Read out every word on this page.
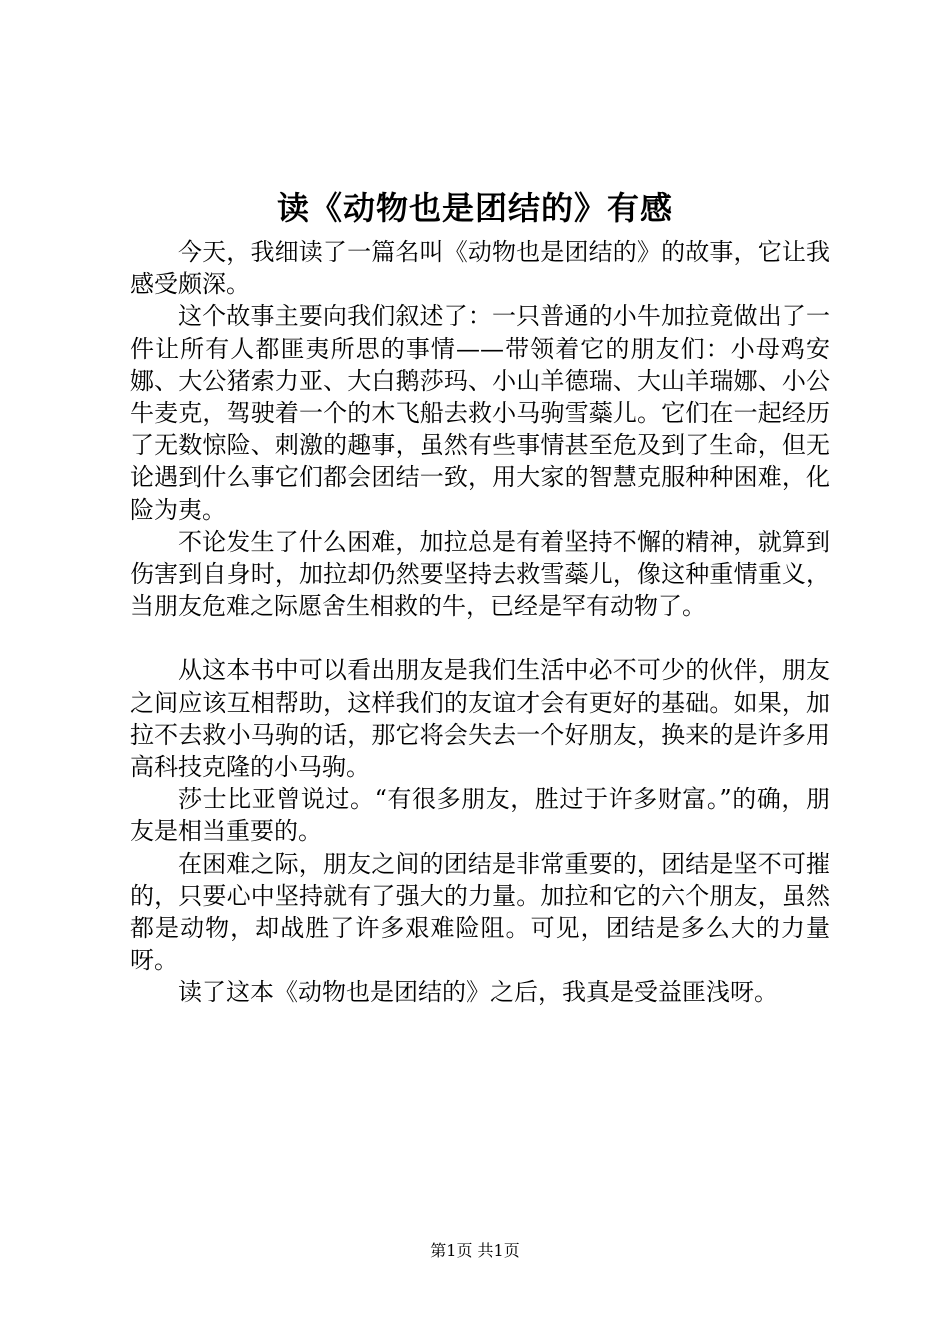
读《动物也是团结的》有感

今天，我细读了一篇名叫《动物也是团结的》的故事，它让我感受颇深。

这个故事主要向我们叙述了：一只普通的小牛加拉竟做出了一件让所有人都匪夷所思的事情——带领着它的朋友们：小母鸡安娜、大公猪索力亚、大白鹅莎玛、小山羊德瑞、大山羊瑞娜、小公牛麦克，驾驶着一个的木飞船去救小马驹雪蘂儿。它们在一起经历了无数惊险、刺激的趣事，虽然有些事情甚至危及到了生命，但无论遇到什么事它们都会团结一致，用大家的智慧克服种种困难，化险为夷。

不论发生了什么困难，加拉总是有着坚持不懈的精神，就算到伤害到自身时，加拉却仍然要坚持去救雪蘂儿，像这种重情重义，当朋友危难之际愿舍生相救的牛，已经是罕有动物了。

从这本书中可以看出朋友是我们生活中必不可少的伙伴，朋友之间应该互相帮助，这样我们的友谊才会有更好的基础。如果，加拉不去救小马驹的话，那它将会失去一个好朋友，换来的是许多用高科技克隆的小马驹。

莎士比亚曾说过。“有很多朋友，胜过于许多财富。”的确，朋友是相当重要的。

在困难之际，朋友之间的团结是非常重要的，团结是坚不可摧的，只要心中坚持就有了强大的力量。加拉和它的六个朋友，虽然都是动物，却战胜了许多艰难险阻。可见，团结是多么大的力量呀。

读了这本《动物也是团结的》之后，我真是受益匪浅呀。

第1页 共1页
